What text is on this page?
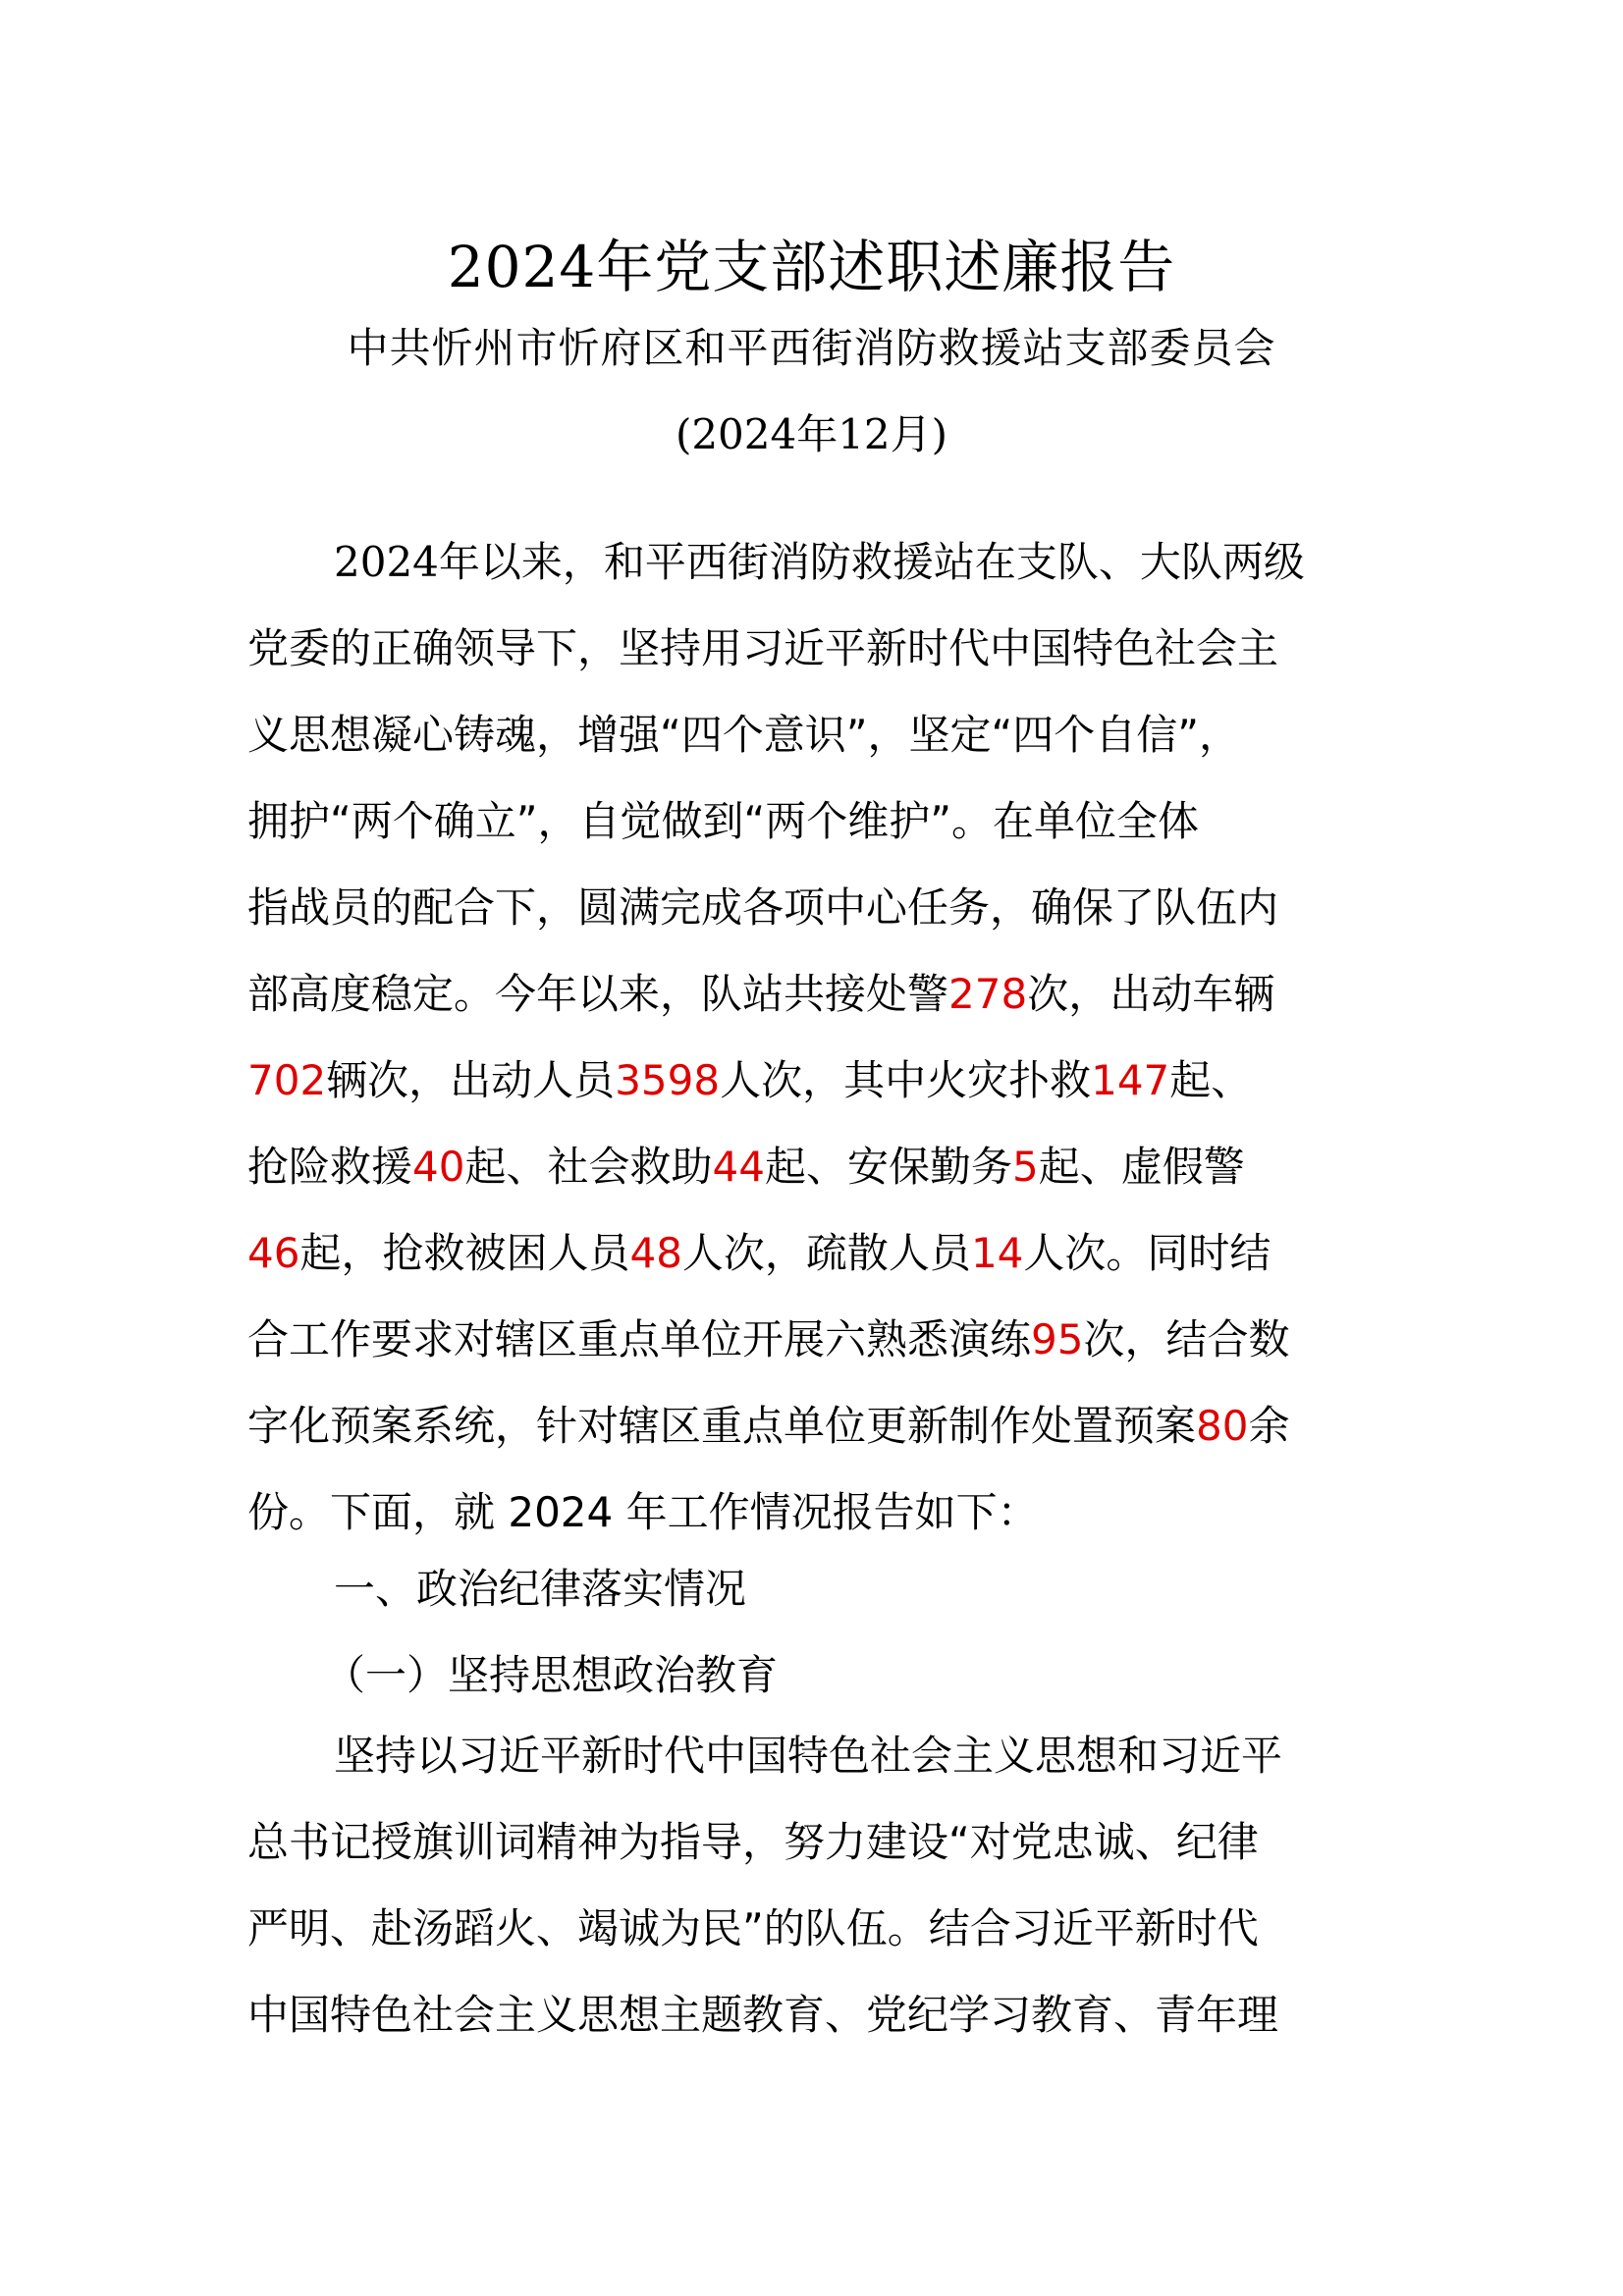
2024年党支部述职述廉报告
中共忻州市忻府区和平西街消防救援站支部委员会
(2024年12月)
2024年以来，和平西街消防救援站在支队、大队两级
党委的正确领导下，坚持用习近平新时代中国特色社会主
义思想凝心铸魂，增强“四个意识”，坚定“四个自信”，
拥护“两个确立”，自觉做到“两个维护”。在单位全体
指战员的配合下，圆满完成各项中心任务，确保了队伍内
部高度稳定。今年以来，队站共接处警278次，出动车辆
702辆次，出动人员3598人次，其中火灾扑救147起、
抢险救援40起、社会救助44起、安保勤务5起、虚假警
46起，抢救被困人员48人次，疏散人员14人次。同时结
合工作要求对辖区重点单位开展六熟悉演练95次，结合数
字化预案系统，针对辖区重点单位更新制作处置预案80余
份。下面，就 2024 年工作情况报告如下：
一、政治纪律落实情况
（一）坚持思想政治教育
坚持以习近平新时代中国特色社会主义思想和习近平
总书记授旗训词精神为指导，努力建设“对党忠诚、纪律
严明、赴汤蹈火、竭诚为民”的队伍。结合习近平新时代
中国特色社会主义思想主题教育、党纪学习教育、青年理
